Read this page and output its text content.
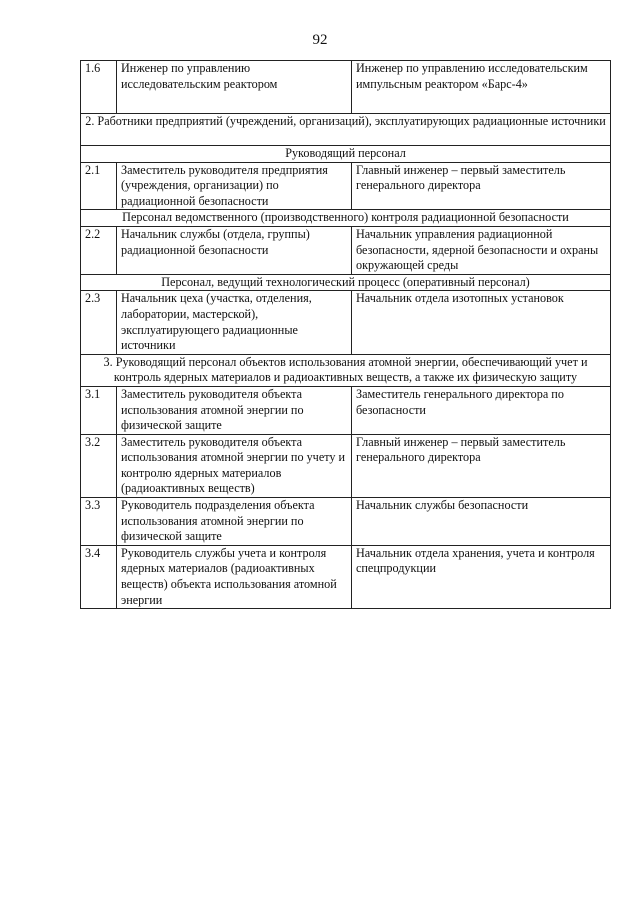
92
1.6	Инженер по управлению исследовательским реактором	Инженер по управлению исследовательским импульсным реактором «Барс-4»
2. Работники предприятий (учреждений, организаций), эксплуатирующих радиационные источники		
Руководящий персонал		
2.1	Заместитель руководителя предприятия (учреждения, организации) по радиационной безопасности	Главный инженер – первый заместитель генерального директора
Персонал ведомственного (производственного) контроля радиационной безопасности		
2.2	Начальник службы (отдела, группы) радиационной безопасности	Начальник управления радиационной безопасности, ядерной безопасности и охраны окружающей среды
Персонал, ведущий технологический процесс (оперативный персонал)		
2.3	Начальник цеха (участка, отделения, лаборатории, мастерской), эксплуатирующего радиационные источники	Начальник отдела изотопных установок
3. Руководящий персонал объектов использования атомной энергии, обеспечивающий учет и контроль ядерных материалов и радиоактивных веществ, а также их физическую защиту		
3.1	Заместитель руководителя объекта использования атомной энергии по физической защите	Заместитель генерального директора по безопасности
3.2	Заместитель руководителя объекта использования атомной энергии по учету и контролю ядерных материалов (радиоактивных веществ)	Главный инженер – первый заместитель генерального директора
3.3	Руководитель подразделения объекта использования атомной энергии по физической защите	Начальник службы безопасности
3.4	Руководитель службы учета и контроля ядерных материалов (радиоактивных веществ) объекта использования атомной энергии	Начальник отдела хранения, учета и контроля спецпродукции
